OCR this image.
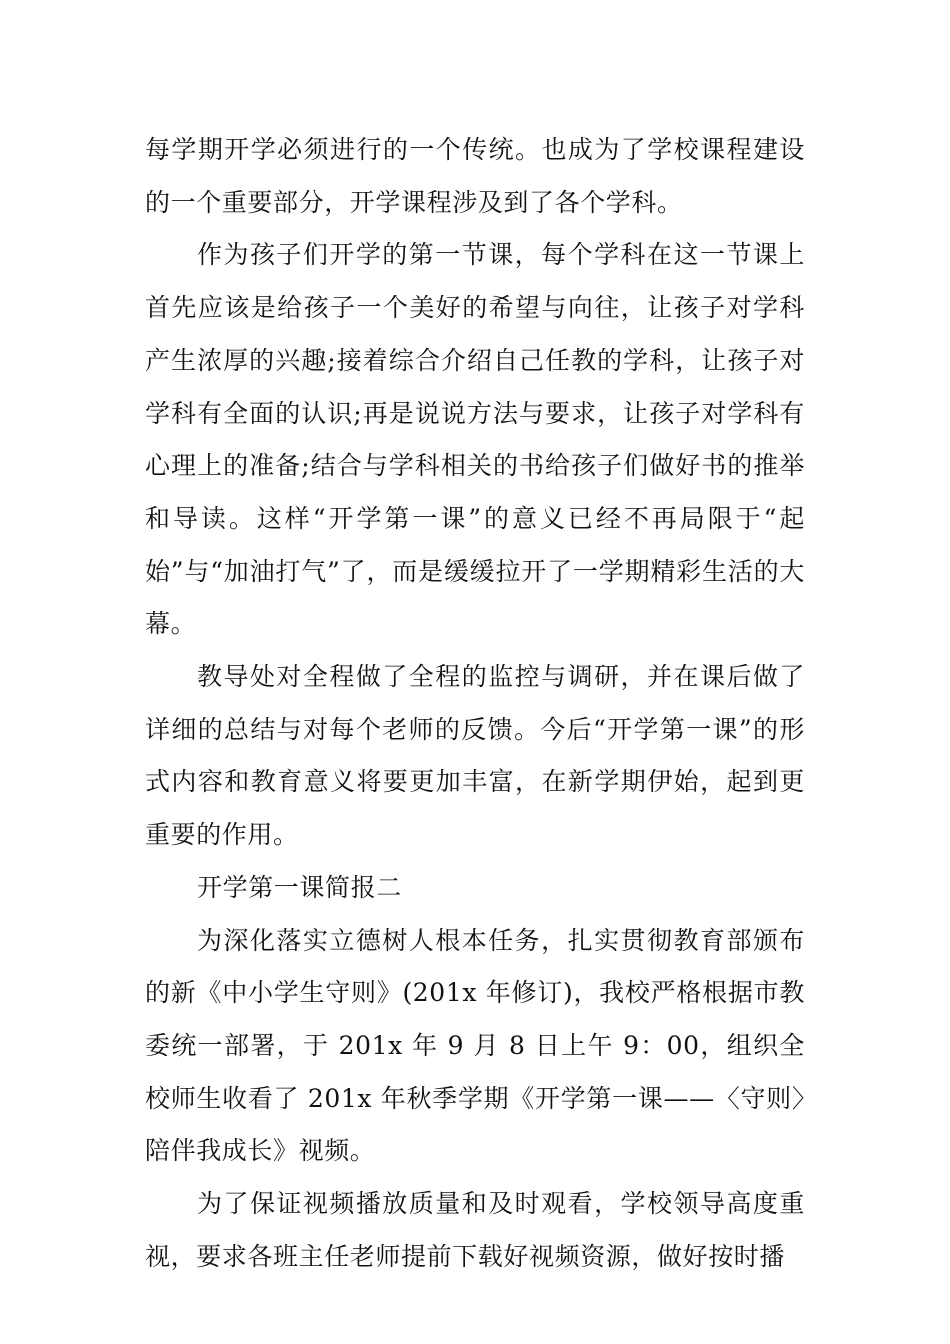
每学期开学必须进行的一个传统。也成为了学校课程建设的一个重要部分，开学课程涉及到了各个学科。

作为孩子们开学的第一节课，每个学科在这一节课上首先应该是给孩子一个美好的希望与向往，让孩子对学科产生浓厚的兴趣;接着综合介绍自己任教的学科，让孩子对学科有全面的认识;再是说说方法与要求，让孩子对学科有心理上的准备;结合与学科相关的书给孩子们做好书的推举和导读。这样“开学第一课”的意义已经不再局限于“起始”与“加油打气”了，而是缓缓拉开了一学期精彩生活的大幕。

教导处对全程做了全程的监控与调研，并在课后做了详细的总结与对每个老师的反馈。今后“开学第一课”的形式内容和教育意义将要更加丰富，在新学期伊始，起到更重要的作用。

开学第一课简报二

为深化落实立德树人根本任务，扎实贯彻教育部颁布的新《中小学生守则》(201x 年修订)，我校严格根据市教委统一部署，于 201x 年 9 月 8 日上午 9：00，组织全校师生收看了 201x 年秋季学期《开学第一课——〈守则〉陪伴我成长》视频。

为了保证视频播放质量和及时观看，学校领导高度重视，要求各班主任老师提前下载好视频资源，做好按时播
